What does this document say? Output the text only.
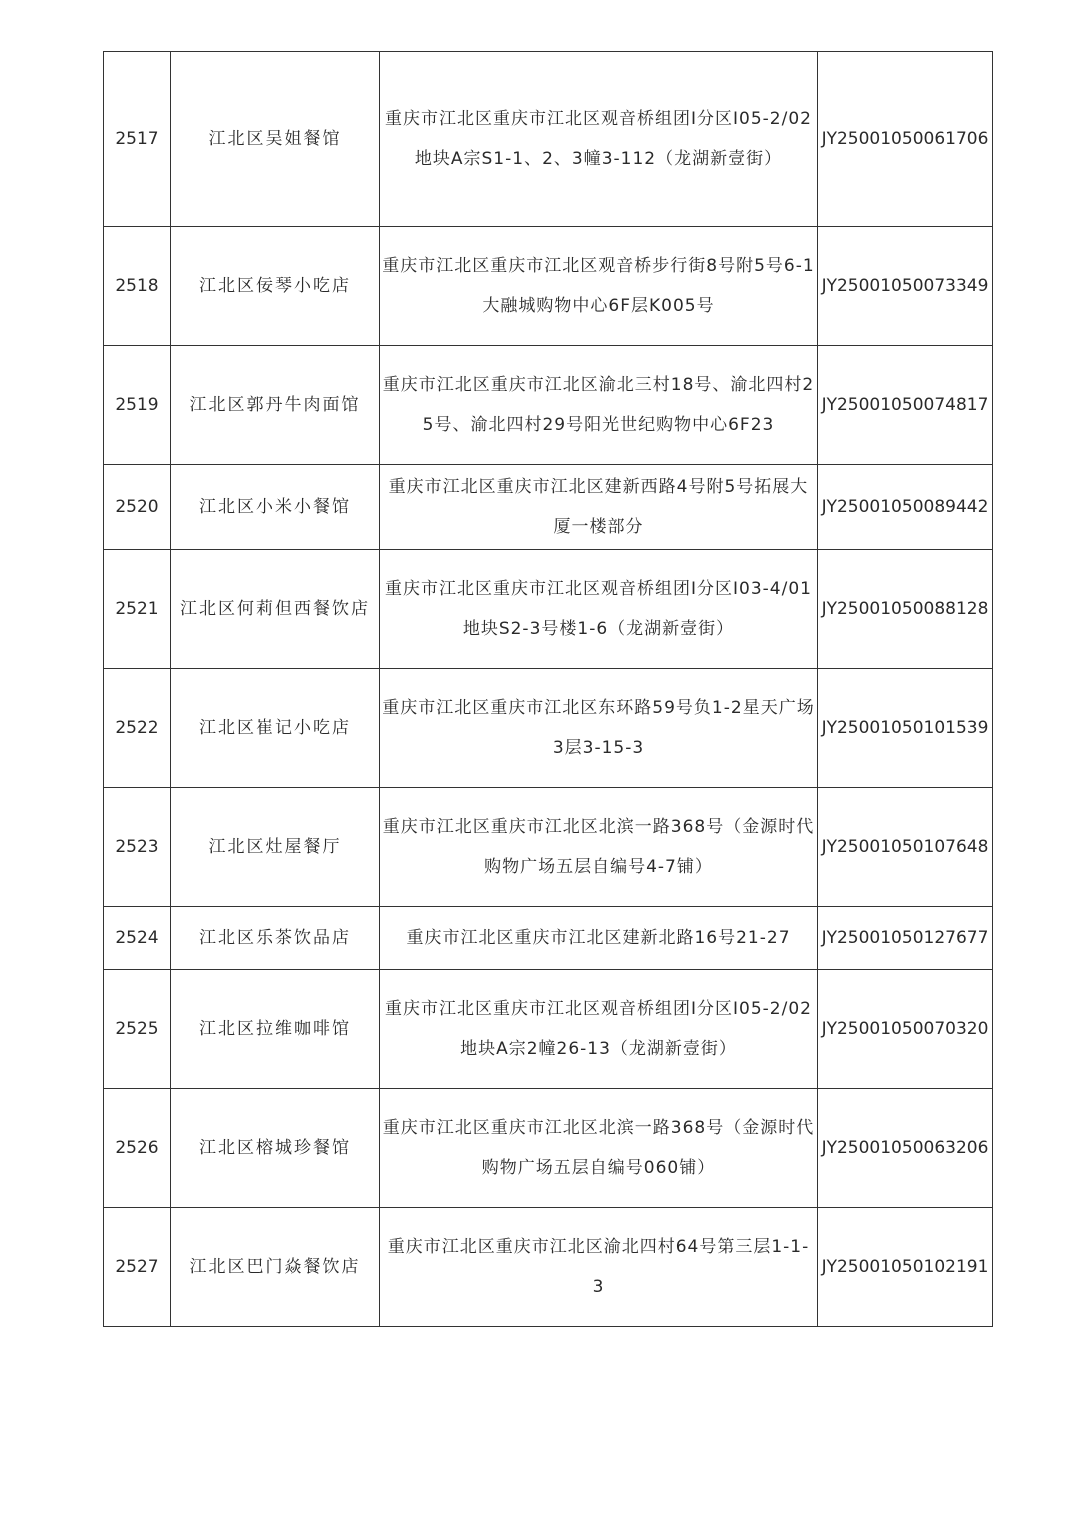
2517	江北区吴姐餐馆	重庆市江北区重庆市江北区观音桥组团Ⅰ分区I05-2/02地块A宗S1-1、2、3幢3-112（龙湖新壹街）	JY25001050061706
2518	江北区佞琴小吃店	重庆市江北区重庆市江北区观音桥步行街8号附5号6-1大融城购物中心6F层K005号	JY25001050073349
2519	江北区郭丹牛肉面馆	重庆市江北区重庆市江北区渝北三村18号、渝北四村25号、渝北四村29号阳光世纪购物中心6F23	JY25001050074817
2520	江北区小米小餐馆	重庆市江北区重庆市江北区建新西路4号附5号拓展大厦一楼部分	JY25001050089442
2521	江北区何莉但西餐饮店	重庆市江北区重庆市江北区观音桥组团Ⅰ分区I03-4/01地块S2-3号楼1-6（龙湖新壹街）	JY25001050088128
2522	江北区崔记小吃店	重庆市江北区重庆市江北区东环路59号负1-2星天广场3层3-15-3	JY25001050101539
2523	江北区灶屋餐厅	重庆市江北区重庆市江北区北滨一路368号（金源时代购物广场五层自编号4-7铺）	JY25001050107648
2524	江北区乐茶饮品店	重庆市江北区重庆市江北区建新北路16号21-27	JY25001050127677
2525	江北区拉维咖啡馆	重庆市江北区重庆市江北区观音桥组团Ⅰ分区I05-2/02地块A宗2幢26-13（龙湖新壹街）	JY25001050070320
2526	江北区榕城珍餐馆	重庆市江北区重庆市江北区北滨一路368号（金源时代购物广场五层自编号060铺）	JY25001050063206
2527	江北区巴门焱餐饮店	重庆市江北区重庆市江北区渝北四村64号第三层1-1-3	JY25001050102191
